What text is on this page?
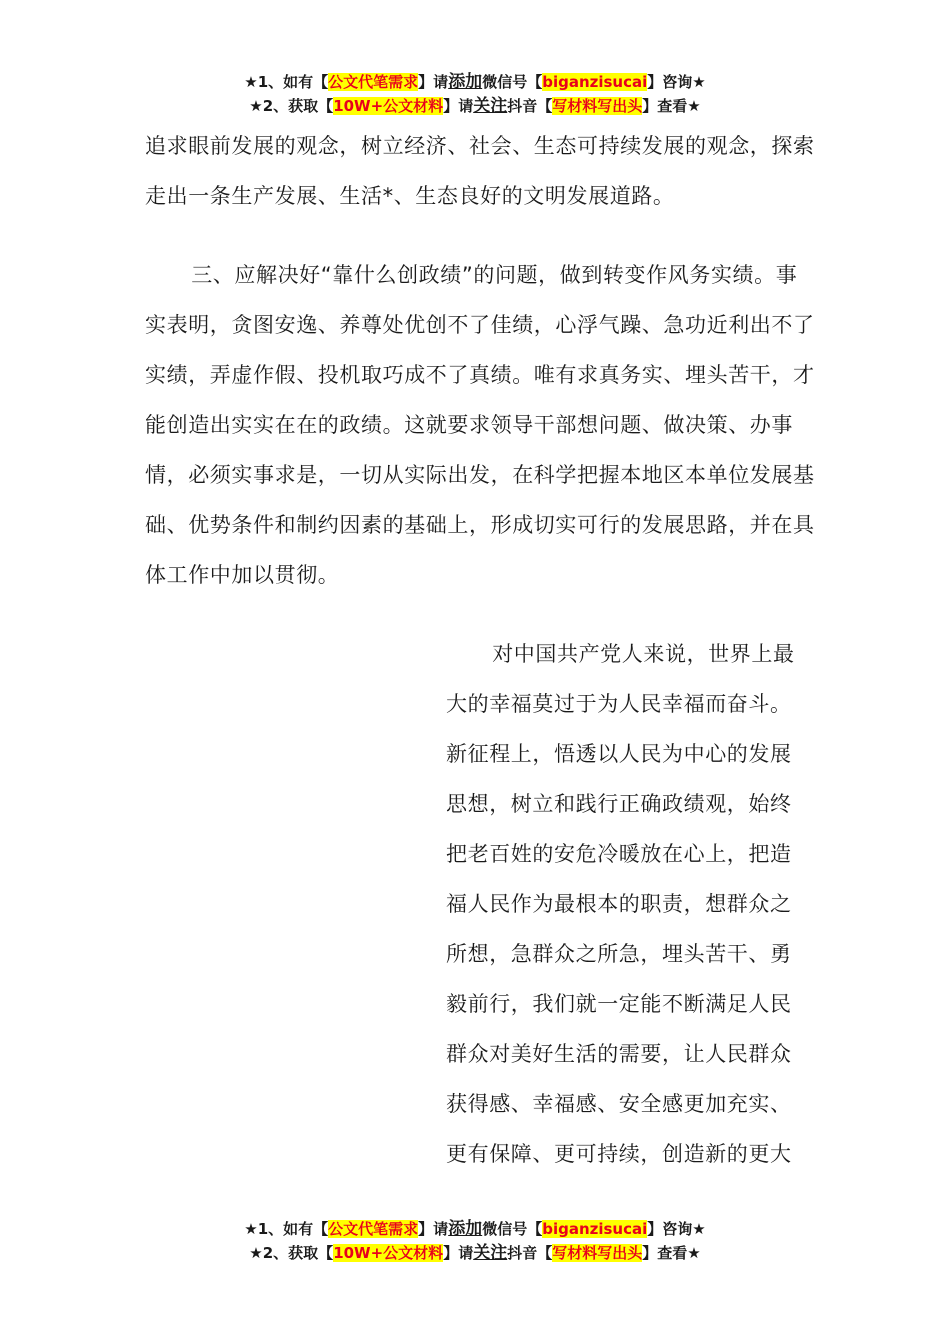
★1、如有【公文代笔需求】请添加微信号【biganzisucai】咨询★
★2、获取【10W+公文材料】请关注抖音【写材料写出头】查看★

追求眼前发展的观念，树立经济、社会、生态可持续发展的观念，探索走出一条生产发展、生活*、生态良好的文明发展道路。

三、应解决好“靠什么创政绩”的问题，做到转变作风务实绩。事实表明，贪图安逸、养尊处优创不了佳绩，心浮气躁、急功近利出不了实绩，弄虚作假、投机取巧成不了真绩。唯有求真务实、埋头苦干，才能创造出实实在在的政绩。这就要求领导干部想问题、做决策、办事情，必须实事求是，一切从实际出发，在科学把握本地区本单位发展基础、优势条件和制约因素的基础上，形成切实可行的发展思路，并在具体工作中加以贯彻。

对中国共产党人来说，世界上最大的幸福莫过于为人民幸福而奋斗。新征程上，悟透以人民为中心的发展思想，树立和践行正确政绩观，始终把老百姓的安危冷暖放在心上，把造福人民作为最根本的职责，想群众之所想，急群众之所急，埋头苦干、勇毅前行，我们就一定能不断满足人民群众对美好生活的需要，让人民群众获得感、幸福感、安全感更加充实、更有保障、更可持续，创造新的更大

★1、如有【公文代笔需求】请添加微信号【biganzisucai】咨询★
★2、获取【10W+公文材料】请关注抖音【写材料写出头】查看★
